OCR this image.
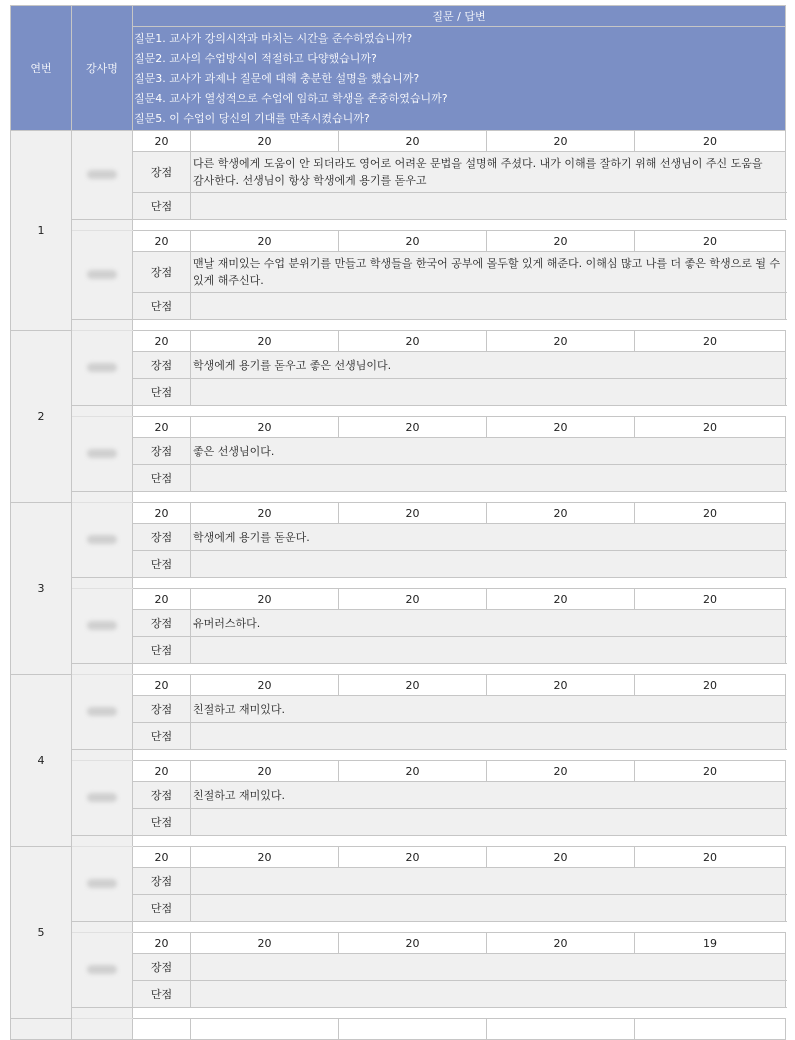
연번	강사명	질문 / 답변				

		질문1. 교사가 강의시작과 마치는 시간을 준수하였습니까?
질문2. 교사의 수업방식이 적절하고 다양했습니까?
질문3. 교사가 과제나 질문에 대해 충분한 설명을 했습니까?
질문4. 교사가 열성적으로 수업에 임하고 학생을 존중하였습니까?
질문5. 이 수업이 당신의 기대를 만족시켰습니까?				

1		20	20	20	20	20
		장점	다른 학생에게 도움이 안 되더라도 영어로 어려운 문법을 설명해 주셨다. 내가 이해를 잘하기 위해 선생님이 주신 도움을 감사한다. 선생님이 항상 학생에게 용기를 돋우고			
		단점				

		20	20	20	20	20
		장점	맨날 재미있는 수업 분위기를 만들고 학생들을 한국어 공부에 몰두할 있게 해준다. 이해심 많고 나를 더 좋은 학생으로 될 수 있게 해주신다.			
		단점				

2		20	20	20	20	20
		장점	학생에게 용기를 돋우고 좋은 선생님이다.			
		단점				

		20	20	20	20	20
		장점	좋은 선생님이다.			
		단점				

3		20	20	20	20	20
		장점	학생에게 용기를 돋운다.			
		단점				

		20	20	20	20	20
		장점	유머러스하다.			
		단점				

4		20	20	20	20	20
		장점	친절하고 재미있다.			
		단점				

		20	20	20	20	20
		장점	친절하고 재미있다.			
		단점				

5		20	20	20	20	20
		장점				
		단점				

		20	20	20	20	19
		장점				
		단점				
